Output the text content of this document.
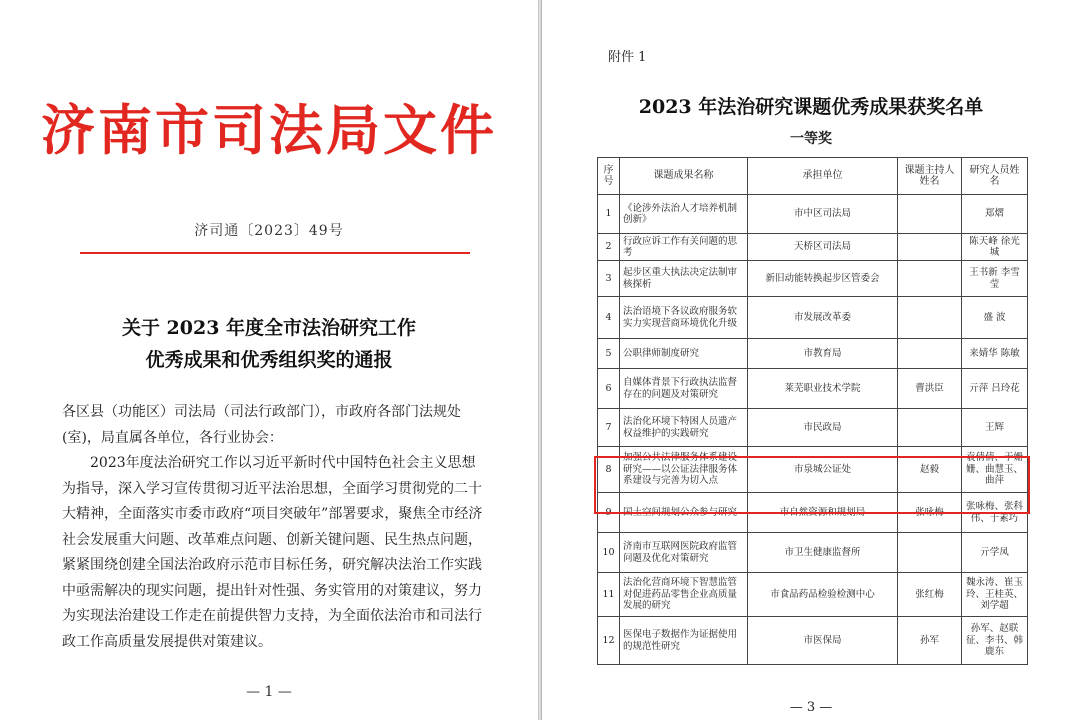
济南市司法局文件
济司通〔2023〕49号
关于 2023 年度全市法治研究工作
优秀成果和优秀组织奖的通报

各区县（功能区）司法局（司法行政部门），市政府各部门法规处(室)，局直属各单位，各行业协会：

2023年度法治研究工作以习近平新时代中国特色社会主义思想为指导，深入学习宣传贯彻习近平法治思想，全面学习贯彻党的二十大精神，全面落实市委市政府“项目突破年”部署要求，聚焦全市经济社会发展重大问题、改革难点问题、创新关键问题、民生热点问题，紧紧围绕创建全国法治政府示范市目标任务，研究解决法治工作实践中亟需解决的现实问题，提出针对性强、务实管用的对策建议，努力为实现法治建设工作走在前提供智力支持，为全面依法治市和司法行政工作高质量发展提供对策建议。

— 1 —
附件 1
2023 年法治研究课题优秀成果获奖名单
一等奖
序号	课题成果名称	承担单位	课题主持人姓名	研究人员姓名
1	《论涉外法治人才培养机制创新》	市中区司法局		郑熠
2	行政应诉工作有关问题的思考	天桥区司法局		陈天峰 徐光城
3	起步区重大执法决定法制审核探析	新旧动能转换起步区管委会		王书新 李雪莹
4	法治语境下各议政府服务软实力实现营商环境优化升级	市发展改革委		盛 波
5	公职律师制度研究	市教育局		来婧华 陈敏
6	自媒体背景下行政执法监督存在的问题及对策研究	莱芜职业技术学院	曹洪臣	亓萍 吕玲花
7	法治化环境下特困人员遗产权益维护的实践研究	市民政局		王辉
8	加强公共法律服务体系建设研究——以公证法律服务体系建设与完善为切入点	市泉城公证处	赵毅	袁倩倩、于姗姗、曲慧玉、曲萍
9	国土空间规划公众参与研究	市自然资源和规划局	张咏梅	张咏梅、张科伟、于素巧
10	济南市互联网医院政府监管问题及优化对策研究	市卫生健康监督所		亓学凤
11	法治化营商环境下智慧监管对促进药品零售企业高质量发展的研究	市食品药品检验检测中心	张红梅	魏永涛、崔玉玲、王桂英、刘学超
12	医保电子数据作为证据使用的规范性研究	市医保局	孙军	孙军、赵联征、李书、韩鹿东
— 3 —
